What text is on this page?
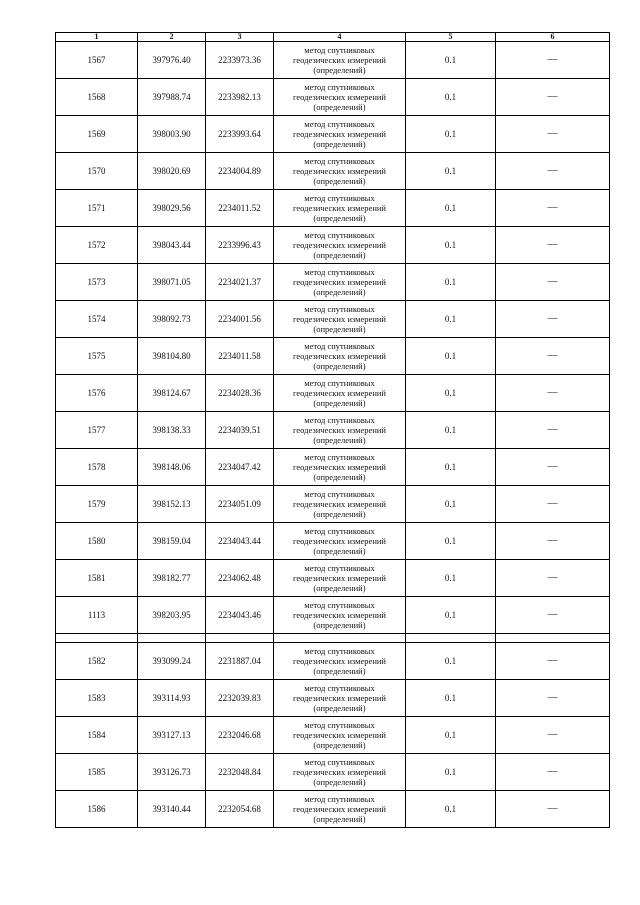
1	2	3	4	5	6
1567	397976.40	2233973.36	метод спутниковых
геодезических измерений
(определений)	0.1	—
1568	397988.74	2233982.13	метод спутниковых
геодезических измерений
(определений)	0.1	—
1569	398003.90	2233993.64	метод спутниковых
геодезических измерений
(определений)	0.1	—
1570	398020.69	2234004.89	метод спутниковых
геодезических измерений
(определений)	0.1	—
1571	398029.56	2234011.52	метод спутниковых
геодезических измерений
(определений)	0.1	—
1572	398043.44	2233996.43	метод спутниковых
геодезических измерений
(определений)	0.1	—
1573	398071.05	2234021.37	метод спутниковых
геодезических измерений
(определений)	0.1	—
1574	398092.73	2234001.56	метод спутниковых
геодезических измерений
(определений)	0.1	—
1575	398104.80	2234011.58	метод спутниковых
геодезических измерений
(определений)	0.1	—
1576	398124.67	2234028.36	метод спутниковых
геодезических измерений
(определений)	0.1	—
1577	398138.33	2234039.51	метод спутниковых
геодезических измерений
(определений)	0.1	—
1578	398148.06	2234047.42	метод спутниковых
геодезических измерений
(определений)	0.1	—
1579	398152.13	2234051.09	метод спутниковых
геодезических измерений
(определений)	0.1	—
1580	398159.04	2234043.44	метод спутниковых
геодезических измерений
(определений)	0.1	—
1581	398182.77	2234062.48	метод спутниковых
геодезических измерений
(определений)	0.1	—
1113	398203.95	2234043.46	метод спутниковых
геодезических измерений
(определений)	0.1	—

1582	393099.24	2231887.04	метод спутниковых
геодезических измерений
(определений)	0.1	—
1583	393114.93	2232039.83	метод спутниковых
геодезических измерений
(определений)	0.1	—
1584	393127.13	2232046.68	метод спутниковых
геодезических измерений
(определений)	0.1	—
1585	393126.73	2232048.84	метод спутниковых
геодезических измерений
(определений)	0.1	—
1586	393140.44	2232054.68	метод спутниковых
геодезических измерений
(определений)	0.1	—
